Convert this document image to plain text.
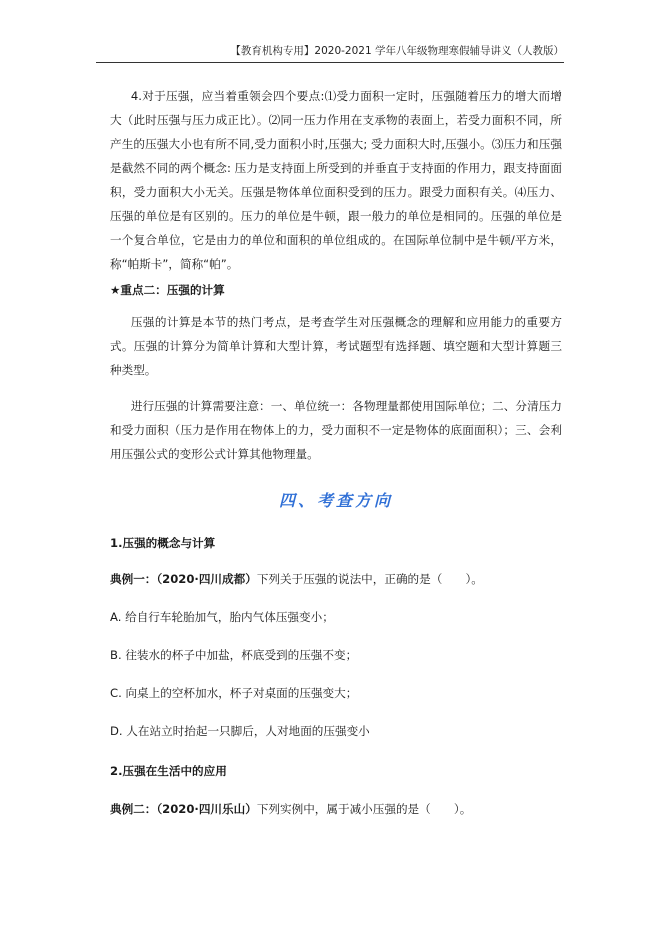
【教育机构专用】2020-2021 学年八年级物理寒假辅导讲义（人教版）

4.对于压强，应当着重领会四个要点:⑴受力面积一定时，压强随着压力的增大而增大（此时压强与压力成正比）。⑵同一压力作用在支承物的表面上，若受力面积不同，所产生的压强大小也有所不同,受力面积小时,压强大; 受力面积大时,压强小。⑶压力和压强是截然不同的两个概念: 压力是支持面上所受到的并垂直于支持面的作用力，跟支持面面积，受力面积大小无关。压强是物体单位面积受到的压力。跟受力面积有关。⑷压力、压强的单位是有区别的。压力的单位是牛顿，跟一般力的单位是相同的。压强的单位是一个复合单位，它是由力的单位和面积的单位组成的。在国际单位制中是牛顿/平方米，称“帕斯卡”，简称“帕”。

★重点二：压强的计算

压强的计算是本节的热门考点，是考查学生对压强概念的理解和应用能力的重要方式。压强的计算分为简单计算和大型计算，考试题型有选择题、填空题和大型计算题三种类型。

进行压强的计算需要注意：一、单位统一：各物理量都使用国际单位；二、分清压力和受力面积（压力是作用在物体上的力，受力面积不一定是物体的底面面积）；三、会利用压强公式的变形公式计算其他物理量。

四、考查方向

1.压强的概念与计算

典例一：（2020·四川成都）下列关于压强的说法中，正确的是（　　）。

A. 给自行车轮胎加气，胎内气体压强变小；

B. 往装水的杯子中加盐，杯底受到的压强不变；

C. 向桌上的空杯加水，杯子对桌面的压强变大；

D. 人在站立时抬起一只脚后，人对地面的压强变小

2.压强在生活中的应用

典例二：（2020·四川乐山）下列实例中，属于减小压强的是（　　）。
